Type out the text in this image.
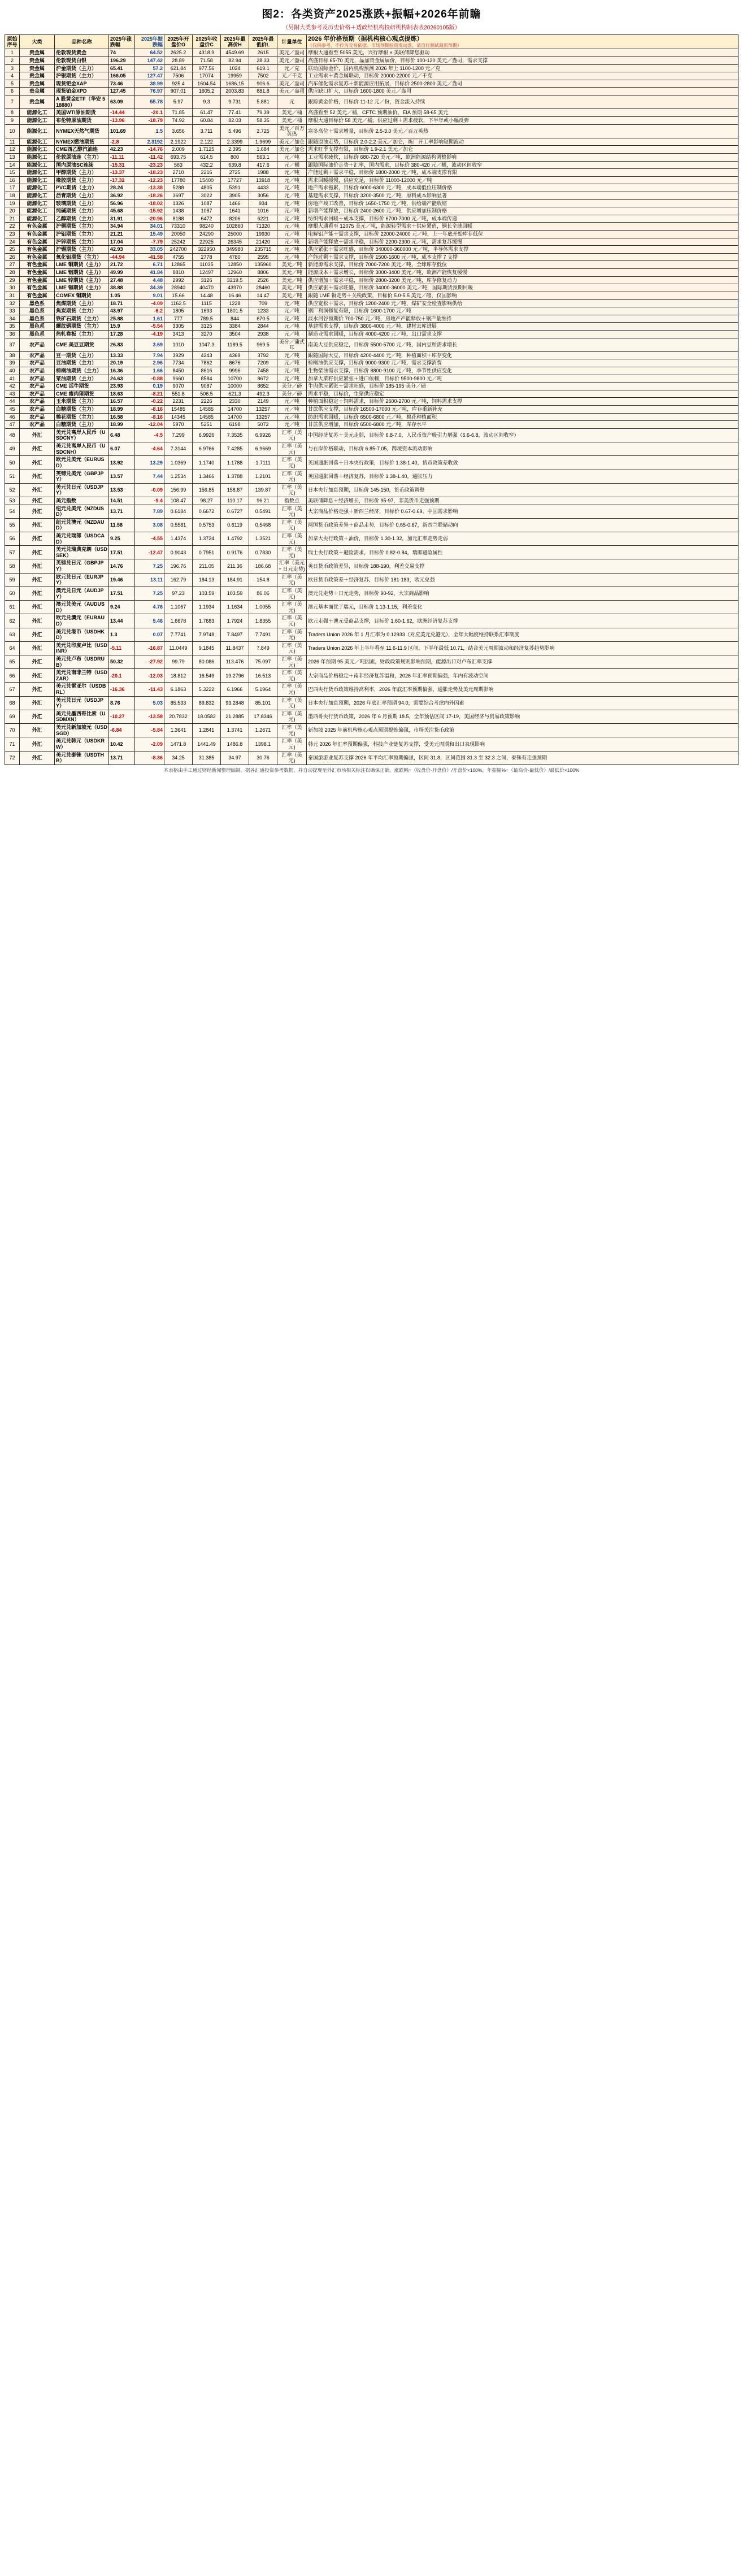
图2：各类资产2025涨跌+振幅+2026年前瞻
（另附大类参考及历史价格＋透政经机构投研机构制表表20260105版）
原始序号	大类	品种名称	2025年涨跌幅	2025年振跌幅	2025年开盘价O	2025年收盘价C	2025年最高价H	2025年最低价L	计量单位	2026 年价格预期（据机构核心观点提炼）
（仅供参考，不作为交易依据。市场预期投资变动盘，请自行测试最新预期）

1	贵金属	伦敦现货黄金	74	64.52	2625.2	4318.9	4549.69	2615	美元／盎司	摩根大通看至 5055 美元，兴行摩根 × 美联储降息驱动
2	贵金属	伦敦现货白银	196.29	147.42	28.89	71.58	82.94	28.33	美元／盎司	高盛目标 65-70 美元，晶加贵金属属价，目标价 100-120 美元／盎司，需求支撑
3	贵金属	沪金期货（主力）	65.41	57.2	621.84	977.56	1024	619.1	元／克	联动国际金价，国内机构预测 2026 年上 1100-1200 元／克
4	贵金属	沪银期货（主力）	166.05	127.47	7506	17074	19959	7502	元／千克	工业需求＋黄金属联动，目标价 20000-22000 元／千克
5	贵金属	现货钯金XAP	73.46	38.99	925.4	1604.54	1686.15	906.6	美元／盎司	汽车催化需求复苏＋新能源应用拓展，目标价 2500-2800 美元／盎司
6	贵金属	现货铂金XPD	127.45	76.97	907.01	1605.2	2003.83	881.8	美元／盎司	供应缺口扩大，目标价 1600-1800 美元／盎司
7	贵金属	A 股黄金ETF（华安 518880）	63.09	55.78	5.97	9.3	9.731	5.881	元	跟踪黄金价格，目标价 11-12 元／份，资金流入持续
8	能源化工	美国WTI原油期货	-14.44	-20.1	71.85	61.47	77.41	79.39	美元／桶	高盛看至 52 美元／桶，CFTC 预期油价，EIA 预期 58-65 美元
9	能源化工	布伦特原油期货	-13.96	-18.79	74.92	60.84	82.03	58.35	美元／桶	摩根大通目标价 58 美元／桶，供应过剩＋需求疲软，下半年或小幅反弹
10	能源化工	NYMEX天然气期货	101.69	1.5	3.656	3.711	5.496	2.725	美元／百万英热	寒冬高位＋需求增量，目标价 2.5-3.0 美元／百万英热
11	能源化工	NYMEX燃油期货	-2.8	2.3192	2.1922	2.122	2.3399	1.9699	美元／加仑	跟随原油走势，目标价 2.0-2.2 美元／加仑，炼厂开工率影响短期波动
12	能源化工	CME西乙醇汽油连	42.23	-14.76	2.009	1.7125	2.395	1.684	美元／加仑	需求旺季支撑有限，目标价 1.9-2.1 美元／加仑
13	能源化工	伦敦原油连（主力）	-11.11	-11.42	693.75	614.5	800	563.1	元／吨	工业需求疲软，目标价 680-720 美元／吨，欧洲能源结构调整影响
14	能源化工	国内原油SC连续	-15.31	-23.23	563	432.2	639.8	417.6	元／桶	跟随国际油价走势＋汇率，国内需求，目标价 380-420 元／桶，波动区间收窄
15	能源化工	甲醇期货（主力）	-13.37	-18.23	2710	2216	2725	1988	元／吨	产能过剩＋需求平稳，目标价 1800-2000 元／吨，成本端支撑有限
16	能源化工	橡胶期货（主力）	-17.32	-12.23	17780	15400	17727	13918	元／吨	需求回暖缓慢，供应充足，目标价 11000-12000 元／吨
17	能源化工	PVC期货（主力）	28.24	-13.38	5288	4805	5391	4433	元／吨	地产需求拖累，目标价 6000-6300 元／吨，成本端低位压制价格
18	能源化工	沥青期货（主力）	36.92	-18.26	3697	3022	3905	3056	元／吨	基建需求支撑，目标价 3200-3500 元／吨，原料成本影响显著
19	能源化工	玻璃期货（主力）	56.96	-18.02	1326	1087	1466	934	元／吨	房地产竣工改善，目标价 1650-1750 元／吨，供给端产能收缩
20	能源化工	纯碱期货（主力）	45.68	-15.92	1438	1087	1641	1016	元／吨	新增产能释放，目标价 2400-2600 元／吨，供应增加压制价格
21	能源化工	乙醇期货（主力）	31.91	-20.96	8188	6472	8206	6221	元／吨	纺织需求回暖＋成本支撑，目标价 6700-7000 元／吨，成本端传递
22	有色金属	沪铜期货（主力）	34.94	34.01	73310	98240	102860	71320	元／吨	摩根大通看至 12075 美元／吨，能源转型需求＋供应紧俏，铜长全球回暖
23	有色金属	沪铝期货（主力）	21.21	15.49	20050	24290	25000	19930	元／吨	电解铝产能＋需求支撑，目标价 22000-24000 元／吨，上一年底开始库存低位
24	有色金属	沪锌期货（主力）	17.04	-7.79	25242	22925	26345	21420	元／吨	新增产能释放＋需求平稳，目标价 2200-2300 元／吨，需求复苏缓慢
25	有色金属	沪锡期货（主力）	42.93	33.05	242700	322950	349980	235715	元／吨	供应紧张＋需求旺盛，目标价 340000-360000 元／吨，半导体需求支撑
26	有色金属	氧化铝期货（主力）	-44.94	-41.58	4755	2778	4780	2595	元／吨	产能过剩＋需求支撑，目标价 1500-1600 元／吨，成本支撑 7 支撑
27	有色金属	LME 铜期货（主力）	21.72	6.71	12865	11035	12850	135960	美元／吨	新能源需求支撑，目标价 7000-7200 美元／吨，全球库存低位
28	有色金属	LME 铝期货（主力）	49.99	41.84	8810	12497	12960	8806	美元／吨	能源成本＋需求增长，目标价 3000-3400 美元／吨，欧洲产能恢复缓慢
29	有色金属	LME 锌期货（主力）	27.48	4.48	2992	3126	3219.5	2526	美元／吨	供应增加＋需求平稳，目标价 2800-3200 美元／吨，库存修复动力
30	有色金属	LME 锡期货（主力）	38.88	34.39	28940	40470	43970	28460	美元／吨	供应紧张＋需求旺盛，目标价 34000-36000 美元／吨，国际期货预期回暖
31	有色金属	COMEX 铜期货	1.05	9.01	15.66	14.48	16.46	14.47	美元／吨	跟随 LME 铜走势＋关税政策，目标价 5.0-5.5 美元／磅，仅国影响
32	黑色系	焦煤期货（主力）	18.71	-4.09	1162.5	1115	1228	709	元／吨	供应宽松＋需求，目标价 1200-2400 元／吨，煤矿安全检查影响供给
33	黑色系	焦炭期货（主力）	43.97	-6.2	1805	1693	1801.5	1233	元／吨	钢厂利润修复有限，目标价 1600-1700 元／吨
34	黑色系	铁矿石期货（主力）	25.88	1.61	777	789.5	844	670.5	元／吨	淡水河谷预期价 700-750 元／吨，房地产产能释放＋钢产量维持
35	黑色系	螺纹钢期货（主力）	15.9	-5.54	3305	3125	3384	2844	元／吨	基建需求支撑，目标价 3800-4000 元／吨，建材去库进展
36	黑色系	热轧卷板（主力）	17.28	-4.19	3413	3270	3504	2938	元／吨	制造业需求回暖，目标价 4000-4200 元／吨，出口需求支撑
37	农产品	CME 美豆豆期货	26.83	3.69	1010	1047.3	1189.5	969.5	美分／蒲式耳	南美大豆供应稳定，目标价 5500-5700 元／吨，国内豆粕需求增长
38	农产品	豆一期货（主力）	13.33	7.94	3929	4243	4369	3792	元／吨	跟随国际大豆，目标价 4200-4400 元／吨，种植面积＋库存变化
39	农产品	豆油期货（主力）	20.19	2.96	7734	7862	8676	7209	元／吨	棕榈油供应支撑，目标价 9000-9300 元／吨，需求支撑消费
40	农产品	棕榈油期货（主力）	16.36	1.66	8450	8616	9996	7458	元／吨	生物柴油需求支撑，目标价 8800-9100 元／吨，季节性供应变化
41	农产品	菜油期货（主力）	24.63	-0.88	9660	8584	10700	8672	元／吨	加拿大菜籽供应紧张＋进口依赖，目标价 9500-9800 元／吨
42	农产品	CME 活牛期货	23.93	0.19	9070	9087	10000	8652	美分／磅	牛肉供应紧张＋需求旺盛，目标价 185-195 美分／磅
43	农产品	CME 瘦肉猪期货	18.63	-8.21	551.8	506.5	621.3	492.3	美分／磅	需求平稳，目标价，生猪供应稳定
44	农产品	玉米期货（主力）	16.57	-0.22	2231	2226	2330	2149	元／吨	种植面积稳定＋饲料需求，目标价 2600-2700 元／吨，饲料需求支撑
45	农产品	白糖期货（主力）	18.99	-8.16	15485	14585	14700	13257	元／吨	甘蔗供应支撑，目标价 16500-17000 元／吨，库存重新补充
46	农产品	棉花期货（主力）	16.58	-8.16	14345	14585	14700	13257	元／吨	纺织需求回暖，目标价 6500-6800 元／吨，棉花种植面积
47	农产品	白糖期货（主力）	18.99	-12.04	5970	5251	6198	5072	元／吨	甘蔗供应增加，目标价 6500-6800 元／吨，库存水平
48	外汇	美元兑离岸人民币（USDCNY）	6.48	-4.5	7.299	6.9926	7.3535	6.9926	汇率（美元)	中国经济复苏＋美元走弱，目标价 6.8-7.0，人民币资产吸引力增强（6.6-6.8，波动区间收窄）
49	外汇	美元兑离岸人民币（USDCNH）	6.07	-4.64	7.3144	6.9766	7.4285	6.9669	汇率（美元)	与在岸价格联动，目标价 6.85-7.05，跨境资本流动影响
50	外汇	欧元兑美元（EURUSD）	13.92	13.29	1.0369	1.1740	1.1788	1.7111	汇率（美元)	英国通胀回落＋日本央行政策，目标价 1.38-1.40，货币政策差收敛
51	外汇	英镑兑美元（GBPJPY）	13.57	7.44	1.2534	1.3466	1.3788	1.2101	汇率（美元)	英国通胀回落＋经济复苏，目标价 1.38-1.40，通胀压力
52	外汇	美元兑日元（USDJPY）	13.53	-0.09	156.99	156.85	158.87	139.87	汇率（美元)	日本央行加息预期，目标价 145-150，货币政策调整
53	外汇	美元指数	14.51	-9.4	108.47	98.27	110.17	96.21	指数点	美联储降息＋经济增长，目标价 95-97，非美货币走强预期
54	外汇	纽元兑美元（NZDUSD）	13.71	7.89	0.6184	0.6672	0.6727	0.5491	汇率（美元)	大宗商品价格走强＋新西兰经济，目标价 0.67-0.69，中国需求影响
55	外汇	纽元兑澳元（NZDAUD）	11.58	3.08	0.5581	0.5753	0.6119	0.5468	汇率（美元)	两国货币政策差异＋商品走势，目标价 0.65-0.67，新西兰联储动向
56	外汇	美元兑瑞郎（USDCAD）	9.25	-4.55	1.4374	1.3724	1.4792	1.3521	汇率（美元)	加拿大央行政策＋油价，目标价 1.30-1.32，加元汇率走势走弱
57	外汇	美元兑瑞典克朗（USDSEK）	17.51	-12.47	0.9043	0.7951	0.9176	0.7830	汇率（美元)	瑞士央行政策＋避险需求，目标价 0.82-0.84，瑞郎避险属性
58	外汇	英镑兑日元（GBPJPY）	14.76	7.25	196.76	211.05	211.36	186.68	汇率（美元 ÷ 日元走势)	英日货币政策差异，目标价 188-190，利差交易支撑
59	外汇	欧元兑日元（EURJPY）	19.46	13.11	162.79	184.13	184.91	154.8	汇率（美元)	欧日货币政策差＋经济复苏，目标价 181-183，欧元兑强
60	外汇	澳元兑日元（AUDJPY）	17.51	7.25	97.23	103.59	103.59	86.06	汇率（美元)	澳元兑走势＋日元走势，目标价 90-92，大宗商品影响
61	外汇	澳元兑美元（AUDUSD）	9.24	4.76	1.1067	1.1934	1.1634	1.0055	汇率（美元)	澳元基本面优于瑞元，目标价 1.13-1.15，利差变化
62	外汇	欧元兑澳元（EURAUD）	13.44	5.46	1.6678	1.7683	1.7924	1.8355	汇率（美元)	欧元走强＋澳元受商品支撑，目标价 1.60-1.62，欧洲经济复苏支撑
63	外汇	美元兑港币（USDHKD）	1.3	0.07	7.7741	7.9748	7.8497	7.7491	汇率（美元)	Traders Union 2026 年 1 月汇率为 0.12933（对应美元兑港元），全年大幅度维持联系汇率制度
64	外汇	美元兑印度卢比（USDINR）	-5.11	-16.87	11.0449	9.1845	11.8437	7.849	汇率（美元)	Traders Union 2026 年上半年看至 11.6-11.9 区间，下半年最低 10.71，结合美元周期波动和经济复苏趋势影响
65	外汇	美元兑卢布（USDRUB）	50.32	-27.92	99.79	80.086	113.476	75.097	汇率（美元)	2026 年预期 95 美元／吨因素，财政政策规则影响预期，能源出口对卢布汇率支撑
66	外汇	美元兑南非兰特（USDZAR）	-20.1	-12.03	18.812	16.549	19.2796	16.513	汇率（美元)	大宗商品价格稳定＋南非经济复苏温和，2026 年汇率预期偏强，年内有波动空间
67	外汇	美元兑雷亚尔（USDBRL）	-16.36	-11.43	6.1863	5.3222	6.1966	5.1964	汇率（美元)	巴西央行货币政策维持高利率，2026 年底汇率预期偏强，通胀走势及美元周期影响
68	外汇	美元兑日元（USDJPY）	8.76	5.03	85.533	89.832	93.2848	85.101	汇率（美元)	日本央行加息预期，2026 年底汇率预期 94.0，需要综合考虑内外因素
69	外汇	美元兑墨西哥比索（USDMXN）	-10.27	-13.58	20.7832	18.0582	21.2885	17.8346	汇率（美元)	墨西哥央行货币政策，2026 年 6 月预期 18.5，全年预估区间 17-19，美国经济与贸易政策影响
70	外汇	美元兑新加坡元（USDSGD）	-6.84	-5.84	1.3641	1.2841	1.3741	1.2671	汇率（美元)	新加坡 2025 年前机构核心观点预期提炼偏强，市场关注货币政策
71	外汇	美元兑韩元（USDKRW）	10.42	-2.09	1471.8	1441.49	1486.8	1398.1	汇率（美元)	韩元 2026 年汇率预期偏强，科技产业链复苏支撑，受美元周期和出口表现影响
72	外汇	美元兑泰铢（USDTHB）	13.71	-8.36	34.25	31.385	34.97	30.76	汇率（美元)	泰国旅游业复苏支撑 2026 年平均汇率预期偏强，区间 31.8，区间范围 31.3 至 32.3 之间，泰铢有走强预期
本表格由手工通过财经新闻整理编制。据各汇通投资参考数据，并自动提现至外汇市场相关标注以确保正确。涨跌幅=（收盘价-开盘价）/开盘价×100%，年振幅%=（最高价-最低价）/最低价×100%
